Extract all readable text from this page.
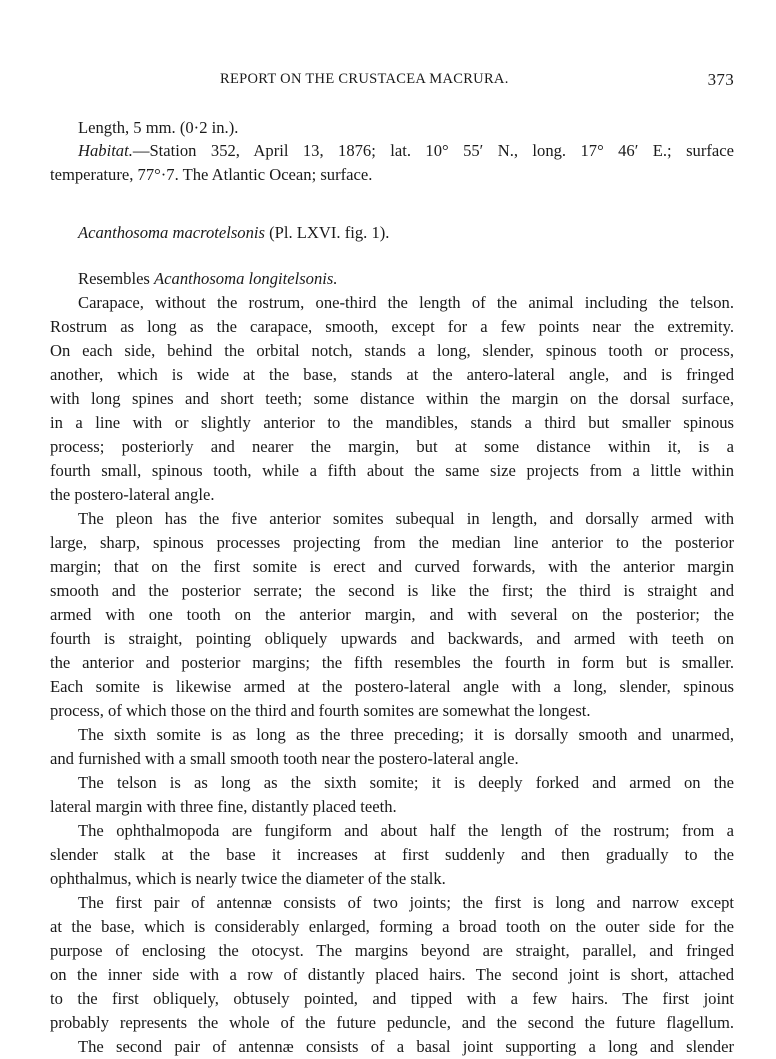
REPORT ON THE CRUSTACEA MACRURA.	373
Length, 5 mm. (0·2 in.).
Habitat.—Station 352, April 13, 1876; lat. 10° 55′ N., long. 17° 46′ E.; surface
temperature, 77°·7. The Atlantic Ocean; surface.
Acanthosoma macrotelsonis (Pl. LXVI. fig. 1).
Resembles Acanthosoma longitelsonis.
Carapace, without the rostrum, one-third the length of the animal including the telson.
Rostrum as long as the carapace, smooth, except for a few points near the extremity.
On each side, behind the orbital notch, stands a long, slender, spinous tooth or process,
another, which is wide at the base, stands at the antero-lateral angle, and is fringed
with long spines and short teeth; some distance within the margin on the dorsal surface,
in a line with or slightly anterior to the mandibles, stands a third but smaller spinous
process; posteriorly and nearer the margin, but at some distance within it, is a
fourth small, spinous tooth, while a fifth about the same size projects from a little within
the postero-lateral angle.
The pleon has the five anterior somites subequal in length, and dorsally armed with
large, sharp, spinous processes projecting from the median line anterior to the posterior
margin; that on the first somite is erect and curved forwards, with the anterior margin
smooth and the posterior serrate; the second is like the first; the third is straight and
armed with one tooth on the anterior margin, and with several on the posterior; the
fourth is straight, pointing obliquely upwards and backwards, and armed with teeth on
the anterior and posterior margins; the fifth resembles the fourth in form but is smaller.
Each somite is likewise armed at the postero-lateral angle with a long, slender, spinous
process, of which those on the third and fourth somites are somewhat the longest.
The sixth somite is as long as the three preceding; it is dorsally smooth and unarmed,
and furnished with a small smooth tooth near the postero-lateral angle.
The telson is as long as the sixth somite; it is deeply forked and armed on the
lateral margin with three fine, distantly placed teeth.
The ophthalmopoda are fungiform and about half the length of the rostrum; from a
slender stalk at the base it increases at first suddenly and then gradually to the
ophthalmus, which is nearly twice the diameter of the stalk.
The first pair of antennæ consists of two joints; the first is long and narrow except
at the base, which is considerably enlarged, forming a broad tooth on the outer side for the
purpose of enclosing the otocyst. The margins beyond are straight, parallel, and fringed
on the inner side with a row of distantly placed hairs. The second joint is short, attached
to the first obliquely, obtusely pointed, and tipped with a few hairs. The first joint
probably represents the whole of the future peduncle, and the second the future flagellum.
The second pair of antennæ consists of a basal joint supporting a long and slender
